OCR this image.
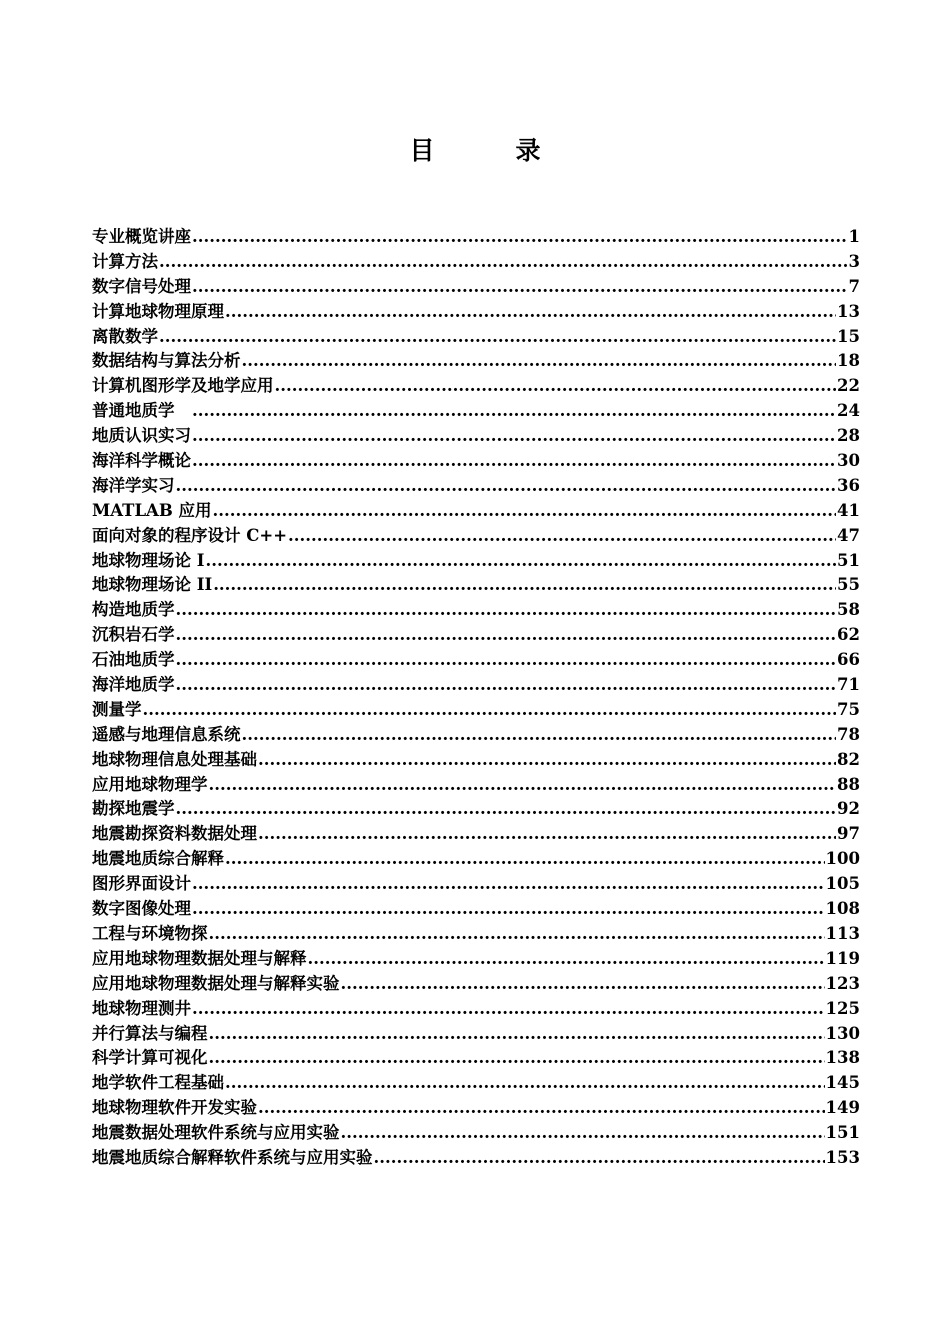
目　录
专业概览讲座 .....	1
计算方法 .....	3
数字信号处理 .....	7
计算地球物理原理 .....	13
离散数学 .....	15
数据结构与算法分析 .....	18
计算机图形学及地学应用 .....	22
普通地质学　 .....	24
地质认识实习 .....	28
海洋科学概论 .....	30
海洋学实习 .....	36
MATLAB 应用 .....	41
面向对象的程序设计 C++ .....	47
地球物理场论 I .....	51
地球物理场论 II .....	55
构造地质学 .....	58
沉积岩石学 .....	62
石油地质学 .....	66
海洋地质学 .....	71
测量学 .....	75
遥感与地理信息系统 .....	78
地球物理信息处理基础 .....	82
应用地球物理学 .....	88
勘探地震学 .....	92
地震勘探资料数据处理 .....	97
地震地质综合解释 .....	100
图形界面设计 .....	105
数字图像处理 .....	108
工程与环境物探 .....	113
应用地球物理数据处理与解释 .....	119
应用地球物理数据处理与解释实验 .....	123
地球物理测井 .....	125
并行算法与编程 .....	130
科学计算可视化 .....	138
地学软件工程基础 .....	145
地球物理软件开发实验 .....	149
地震数据处理软件系统与应用实验 .....	151
地震地质综合解释软件系统与应用实验 .....	153
